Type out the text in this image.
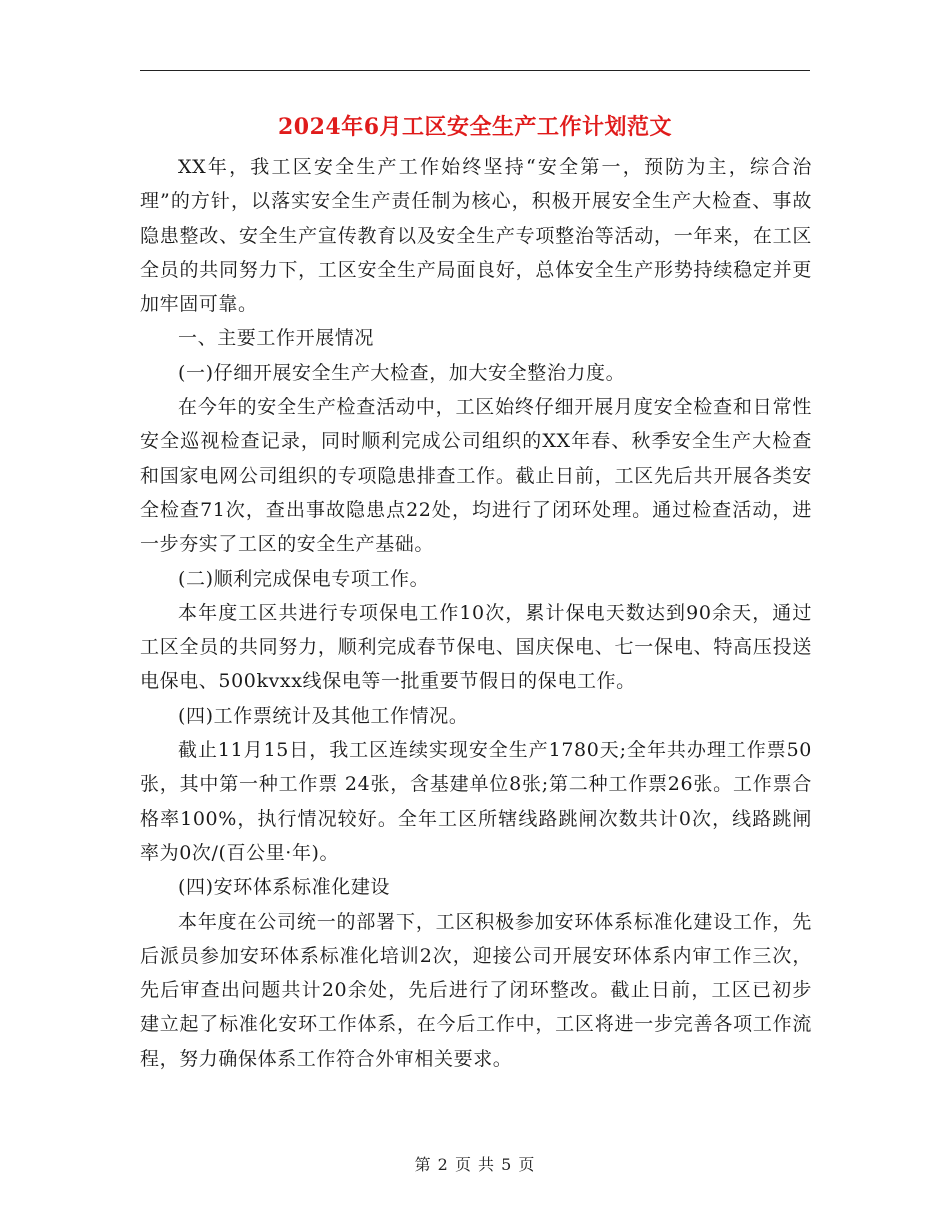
2024年6月工区安全生产工作计划范文

XX年，我工区安全生产工作始终坚持“安全第一，预防为主，综合治理”的方针，以落实安全生产责任制为核心，积极开展安全生产大检查、事故隐患整改、安全生产宣传教育以及安全生产专项整治等活动，一年来，在工区全员的共同努力下，工区安全生产局面良好，总体安全生产形势持续稳定并更加牢固可靠。

一、主要工作开展情况

(一)仔细开展安全生产大检查，加大安全整治力度。

在今年的安全生产检查活动中，工区始终仔细开展月度安全检查和日常性安全巡视检查记录，同时顺利完成公司组织的XX年春、秋季安全生产大检查和国家电网公司组织的专项隐患排查工作。截止日前，工区先后共开展各类安全检查71次，查出事故隐患点22处，均进行了闭环处理。通过检查活动，进一步夯实了工区的安全生产基础。

(二)顺利完成保电专项工作。

本年度工区共进行专项保电工作10次，累计保电天数达到90余天，通过工区全员的共同努力，顺利完成春节保电、国庆保电、七一保电、特高压投送电保电、500kvxx线保电等一批重要节假日的保电工作。

(四)工作票统计及其他工作情况。

截止11月15日，我工区连续实现安全生产1780天;全年共办理工作票50张，其中第一种工作票 24张，含基建单位8张;第二种工作票26张。工作票合格率100%，执行情况较好。全年工区所辖线路跳闸次数共计0次，线路跳闸率为0次/(百公里·年)。

(四)安环体系标准化建设

本年度在公司统一的部署下，工区积极参加安环体系标准化建设工作，先后派员参加安环体系标准化培训2次，迎接公司开展安环体系内审工作三次，先后审查出问题共计20余处，先后进行了闭环整改。截止日前，工区已初步建立起了标准化安环工作体系，在今后工作中，工区将进一步完善各项工作流程，努力确保体系工作符合外审相关要求。

第 2 页 共 5 页
